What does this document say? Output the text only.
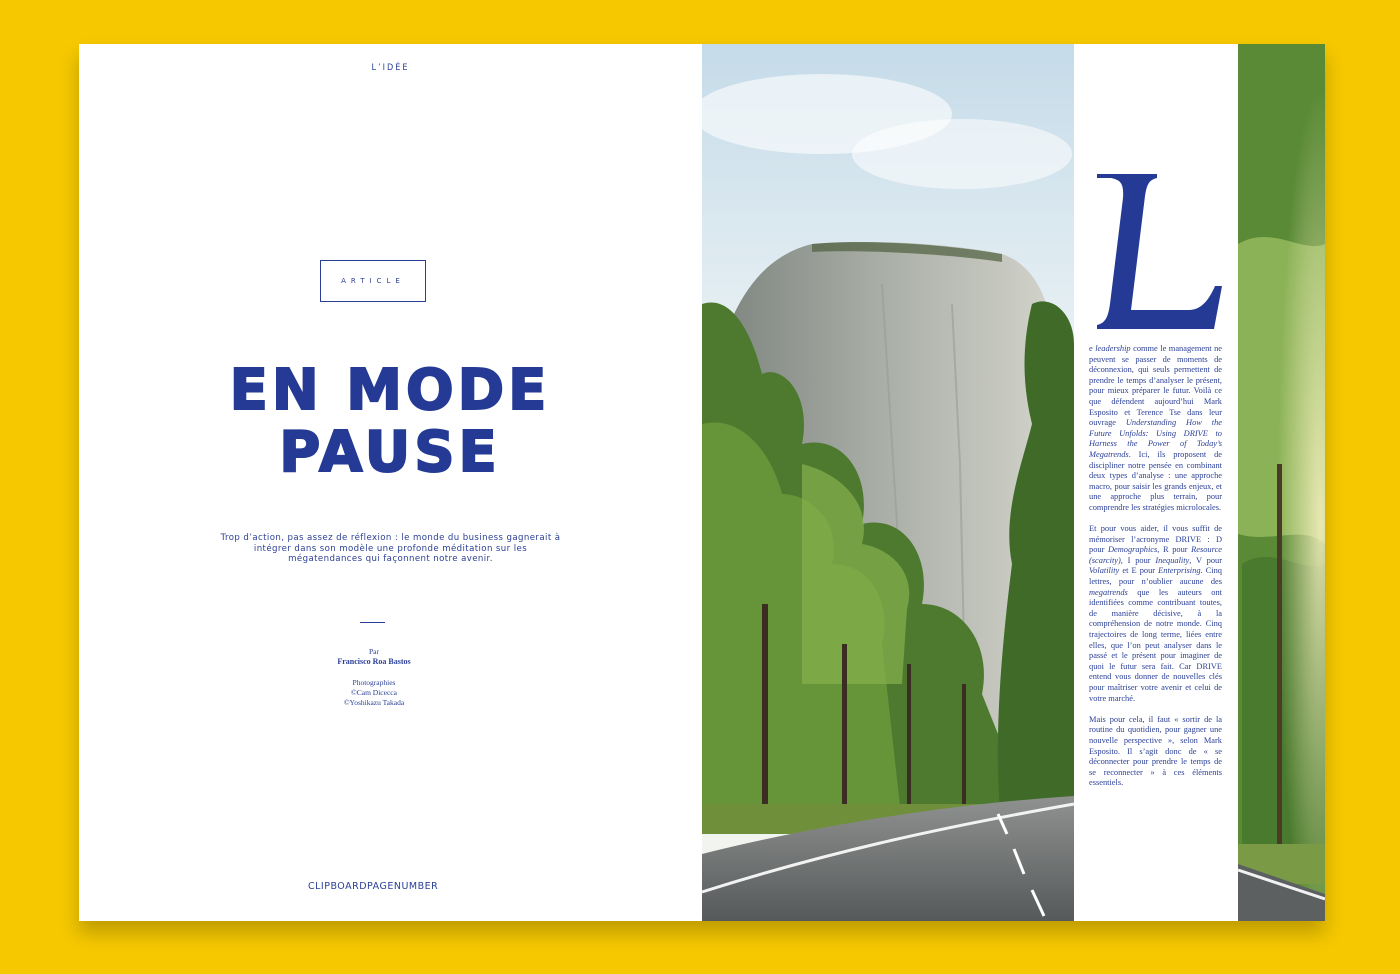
L’IDÉE
ARTICLE
EN MODE
PAUSE
Trop d’action, pas assez de réflexion : le monde du business gagnerait à intégrer dans son modèle une profonde méditation sur les mégatendances qui façonnent notre avenir.
Par
Francisco Roa Bastos
Photographies
©Cam Dicecca
©Yoshikazu Takada
CLIPBOARDPAGENUMBER

e leadership comme le management ne peuvent se passer de moments de déconnexion, qui seuls permettent de prendre le temps d’analyser le présent, pour mieux préparer le futur. Voilà ce que défendent aujourd’hui Mark Esposito et Terence Tse dans leur ouvrage Understanding How the Future Unfolds: Using DRIVE to Harness the Power of Today’s Megatrends. Ici, ils proposent de discipliner notre pensée en combinant deux types d’analyse : une approche macro, pour saisir les grands enjeux, et une approche plus terrain, pour comprendre les stratégies microlocales.

Et pour vous aider, il vous suffit de mémoriser l’acronyme DRIVE : D pour Demographics, R pour Resource (scarcity), I pour Inequality, V pour Volatility et E pour Enterprising. Cinq lettres, pour n’oublier aucune des megatrends que les auteurs ont identifiées comme contribuant toutes, de manière décisive, à la compréhension de notre monde. Cinq trajectoires de long terme, liées entre elles, que l’on peut analyser dans le passé et le présent pour imaginer de quoi le futur sera fait. Car DRIVE entend vous donner de nouvelles clés pour maîtriser votre avenir et celui de votre marché.

Mais pour cela, il faut « sortir de la routine du quotidien, pour gagner une nouvelle perspective », selon Mark Esposito. Il s’agit donc de « se déconnecter pour prendre le temps de se reconnecter » à ces éléments essentiels.
